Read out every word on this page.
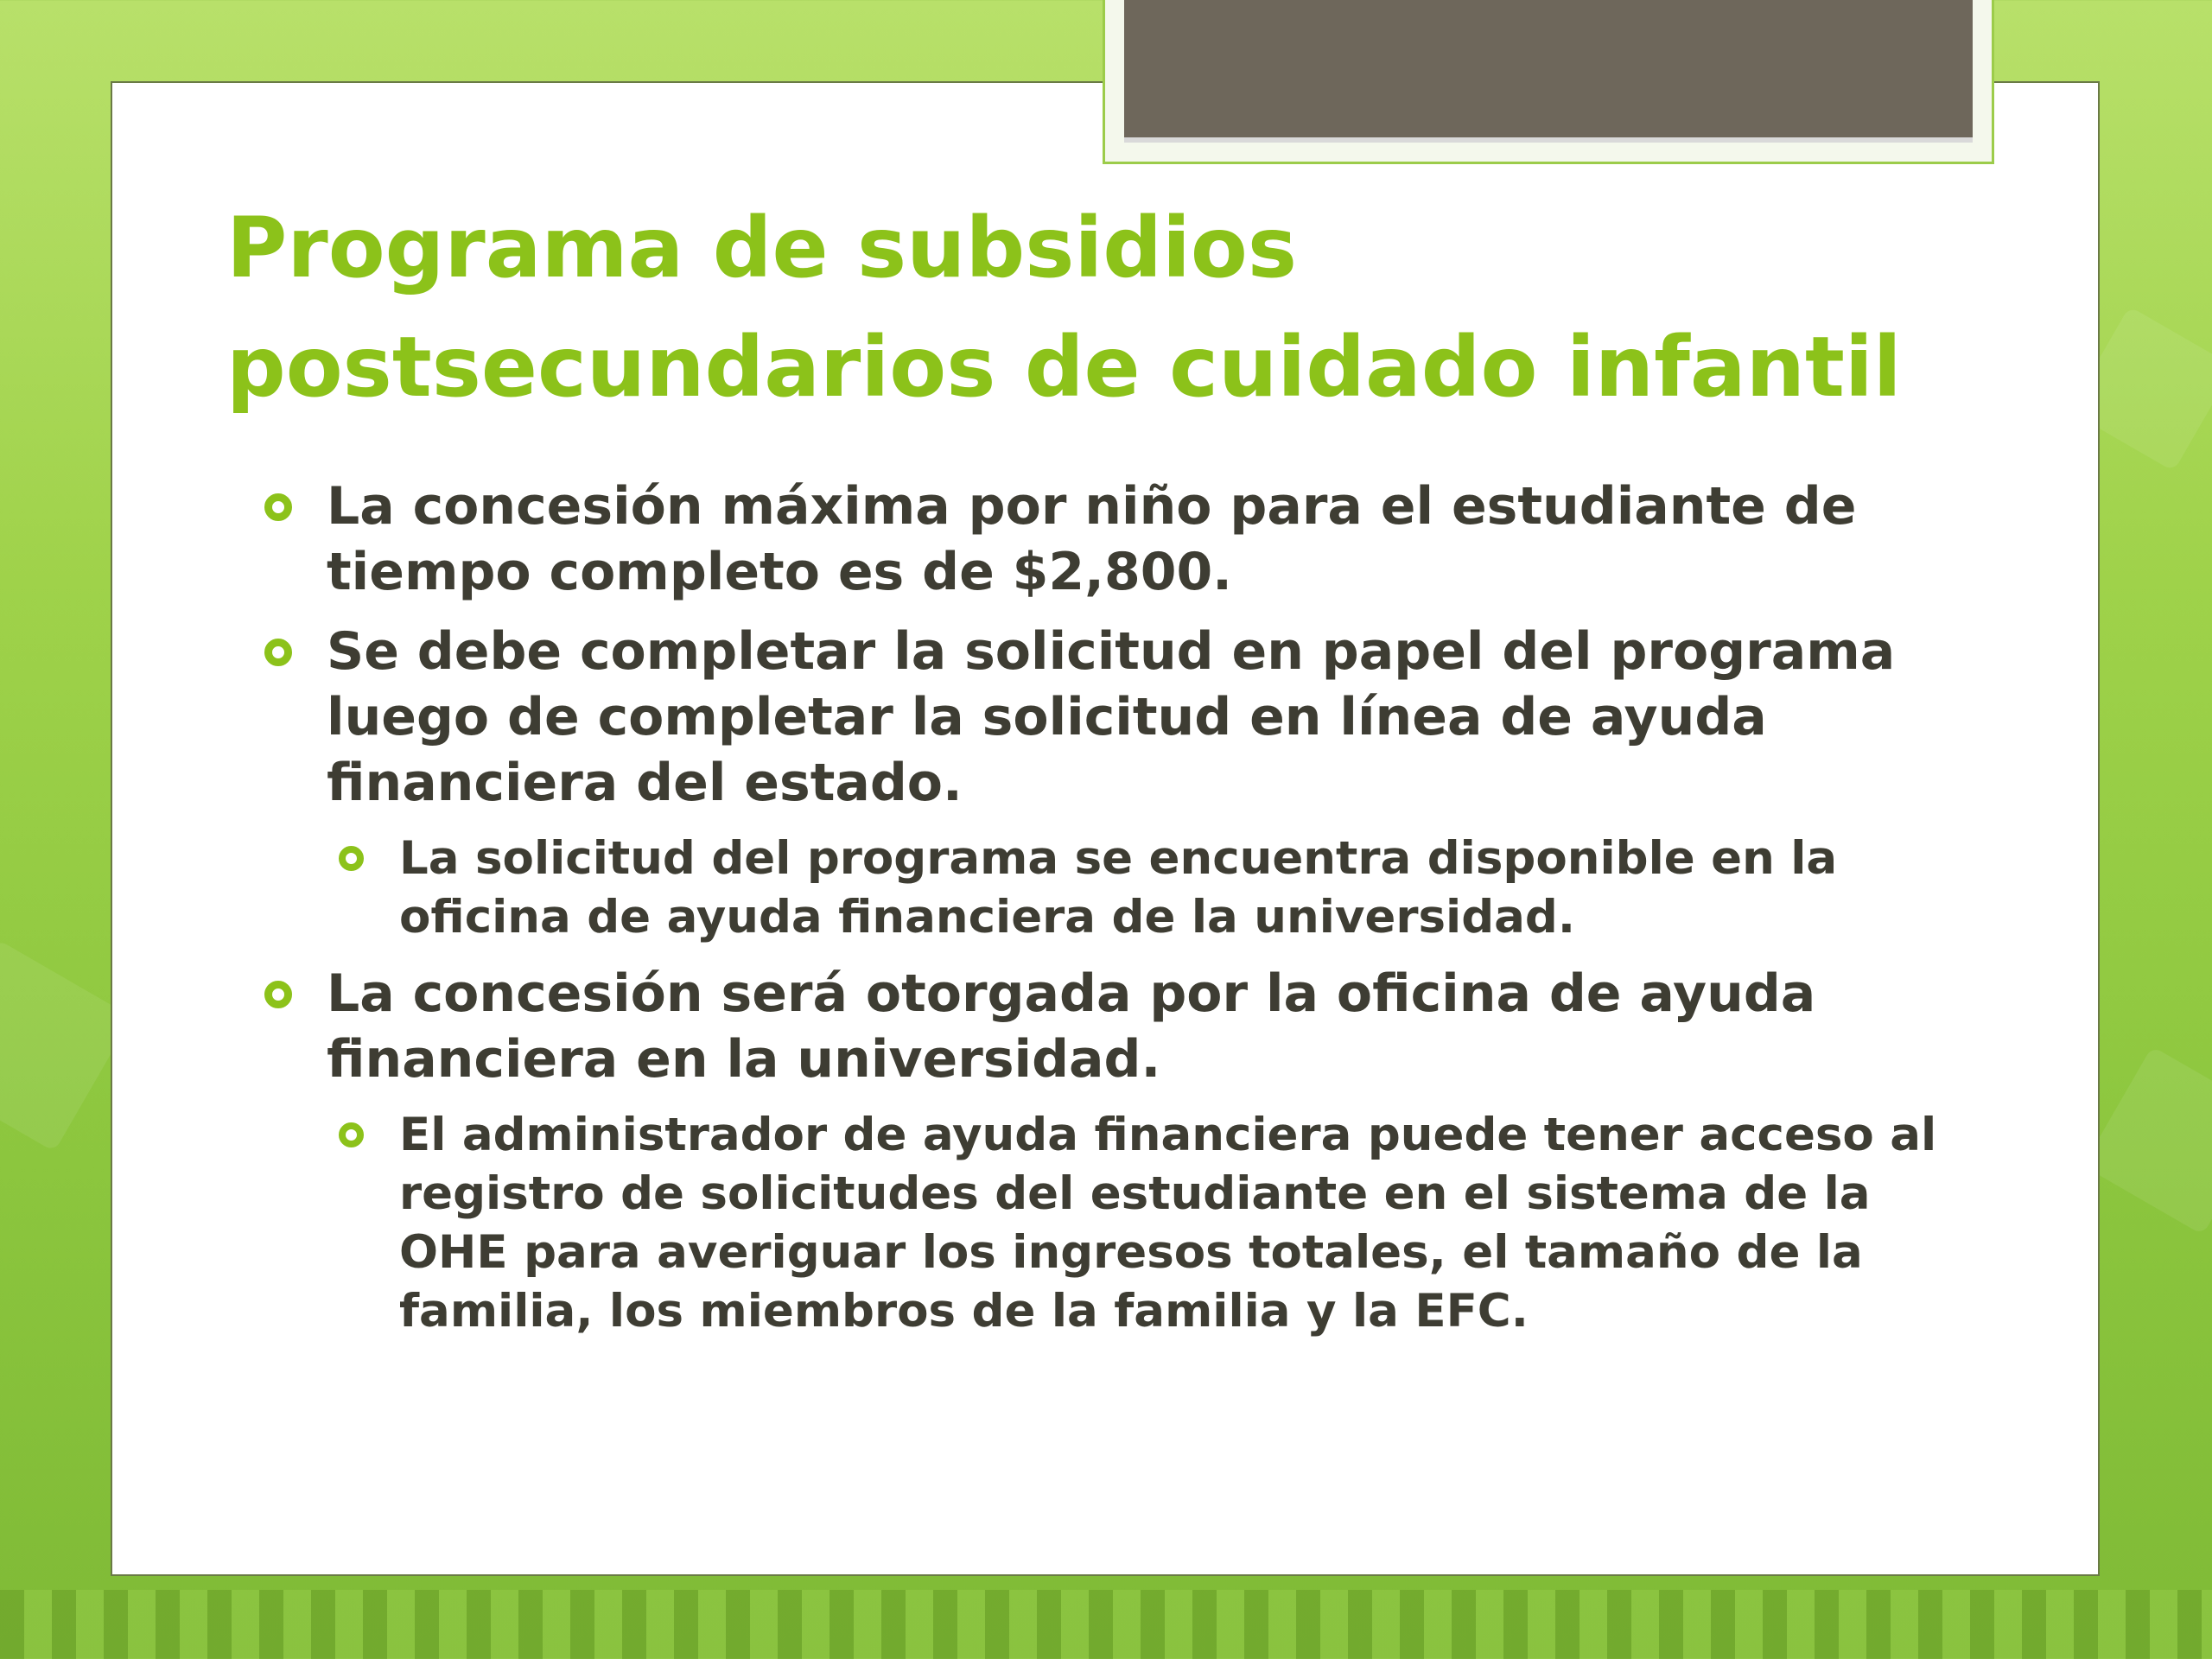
Programa de subsidios postsecundarios de cuidado infantil
La concesión máxima por niño para el estudiante de tiempo completo es de $2,800.
Se debe completar la solicitud en papel del programa luego de completar la solicitud en línea de ayuda financiera del estado.
La solicitud del programa se encuentra disponible en la oficina de ayuda financiera de la universidad.
La concesión será otorgada por la oficina de ayuda financiera en la universidad.
El administrador de ayuda financiera puede tener acceso al registro de solicitudes del estudiante en el sistema de la OHE para averiguar los ingresos totales, el tamaño de la familia, los miembros de la familia y la EFC.
